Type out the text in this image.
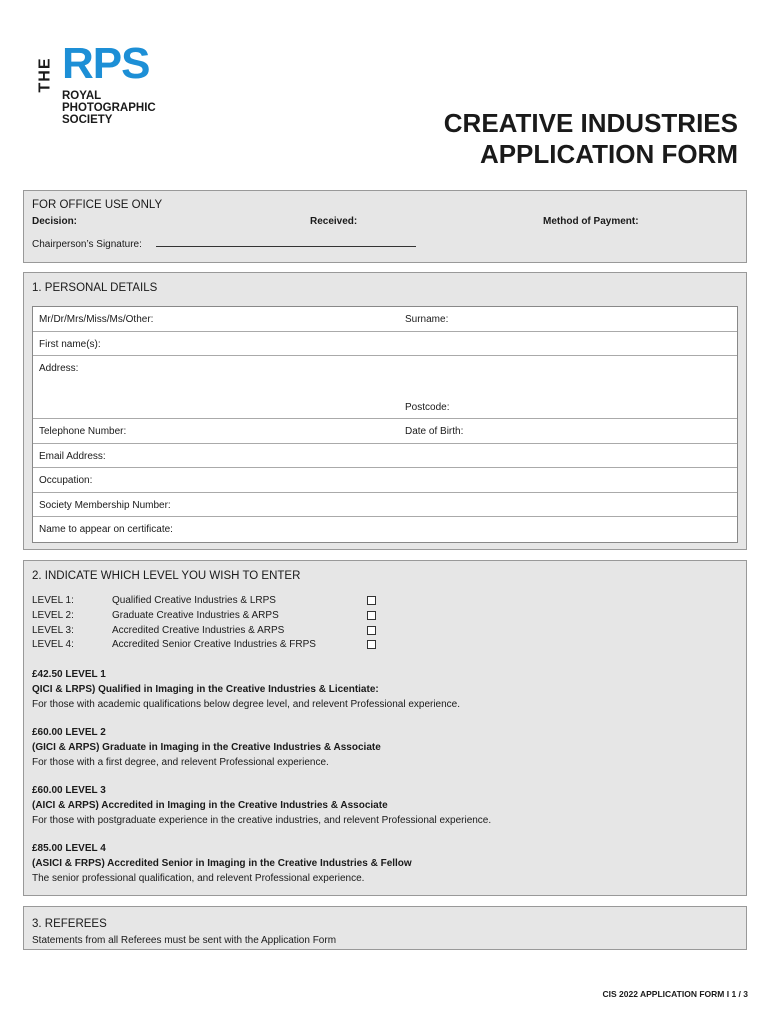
THE RPS
ROYAL
PHOTOGRAPHIC
SOCIETY	CREATIVE INDUSTRIES
APPLICATION FORM
FOR OFFICE USE ONLY
Decision:	Received:	Method of Payment:
Chairperson’s Signature:
1. PERSONAL DETAILS
Mr/Dr/Mrs/Miss/Ms/Other:	Surname:
First name(s):
Address:
Postcode:
Telephone Number:	Date of Birth:
Email Address:
Occupation:
Society Membership Number:
Name to appear on certificate:
2. INDICATE WHICH LEVEL YOU WISH TO ENTER
LEVEL 1:	Qualified Creative Industries & LRPS
LEVEL 2:	Graduate Creative Industries & ARPS
LEVEL 3:	Accredited Creative Industries & ARPS
LEVEL 4:	Accredited Senior Creative Industries & FRPS
£42.50 LEVEL 1
QICI & LRPS) Qualified in Imaging in the Creative Industries & Licentiate:
For those with academic qualifications below degree level, and relevent Professional experience.
£60.00 LEVEL 2
(GICI & ARPS) Graduate in Imaging in the Creative Industries & Associate
For those with a first degree, and relevent Professional experience.
£60.00 LEVEL 3
(AICI & ARPS) Accredited in Imaging in the Creative Industries & Associate
For those with postgraduate experience in the creative industries, and relevent Professional experience.
£85.00 LEVEL 4
(ASICI & FRPS) Accredited Senior in Imaging in the Creative Industries & Fellow
The senior professional qualification, and relevent Professional experience.
3. REFEREES
Statements from all Referees must be sent with the Application Form
CIS 2022 APPLICATION FORM I 1 / 3
